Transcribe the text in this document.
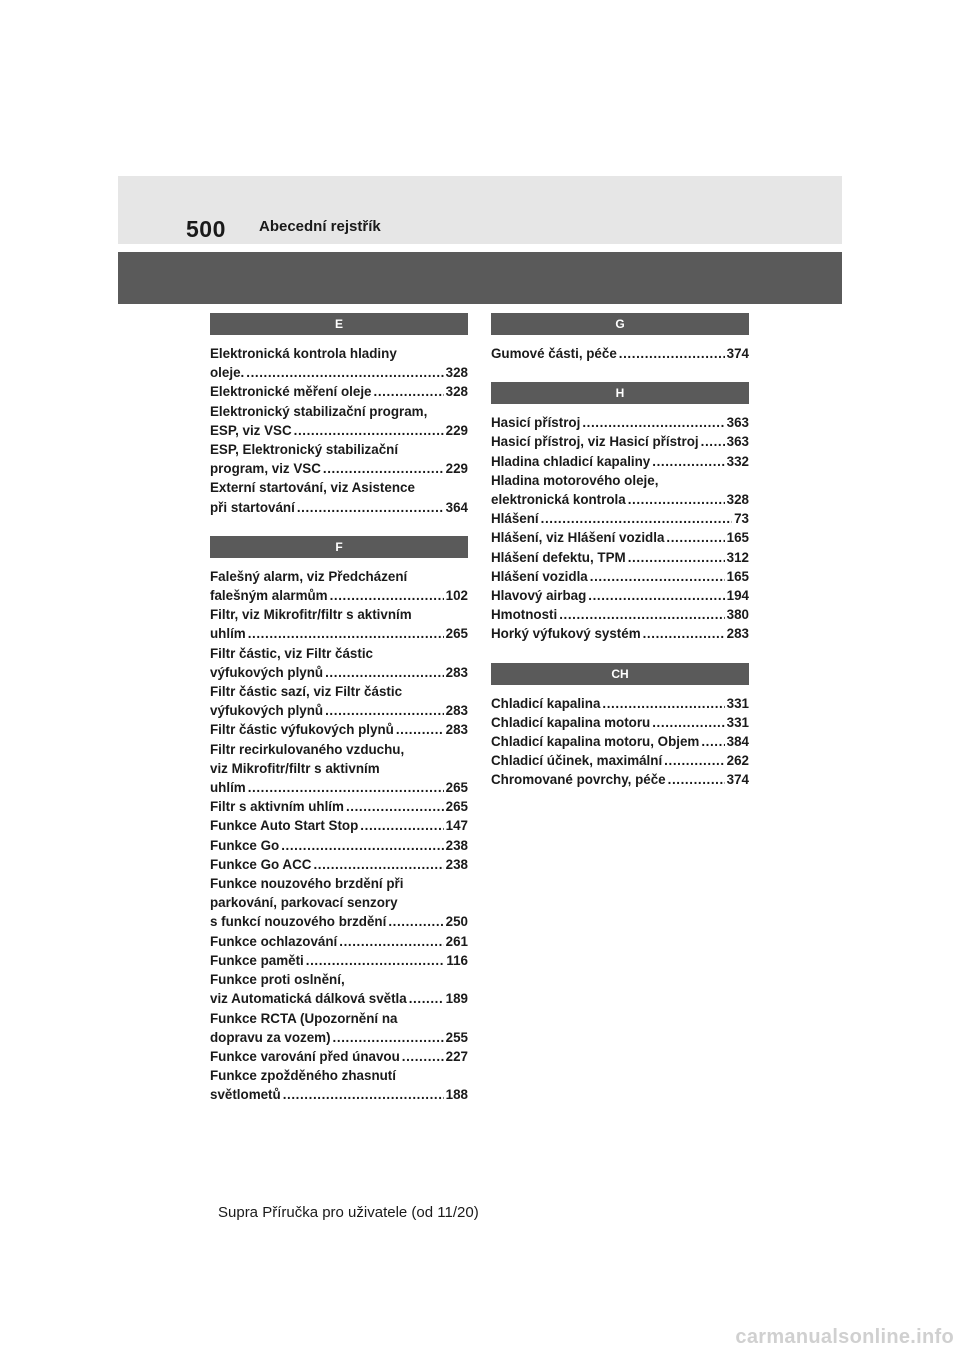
500 Abecední rejstřík
E
Elektronická kontrola hladiny
oleje. .....	328
Elektronické měření oleje .....	328
Elektronický stabilizační program,
ESP, viz VSC .....	229
ESP, Elektronický stabilizační
program, viz VSC .....	229
Externí startování, viz Asistence
při startování .....	364
F
Falešný alarm, viz Předcházení
falešným alarmům .....	102
Filtr, viz Mikrofitr/filtr s aktivním
uhlím .....	265
Filtr částic, viz Filtr částic
výfukových plynů .....	283
Filtr částic sazí, viz Filtr částic
výfukových plynů .....	283
Filtr částic výfukových plynů .....	283
Filtr recirkulovaného vzduchu,
viz Mikrofitr/filtr s aktivním
uhlím .....	265
Filtr s aktivním uhlím .....	265
Funkce Auto Start Stop .....	147
Funkce Go .....	238
Funkce Go ACC .....	238
Funkce nouzového brzdění při
parkování, parkovací senzory
s funkcí nouzového brzdění .....	250
Funkce ochlazování .....	261
Funkce paměti .....	116
Funkce proti oslnění,
viz Automatická dálková světla .....	189
Funkce RCTA (Upozornění na
dopravu za vozem) .....	255
Funkce varování před únavou .....	227
Funkce zpožděného zhasnutí
světlometů .....	188
G
Gumové části, péče .....	374
H
Hasicí přístroj .....	363
Hasicí přístroj, viz Hasicí přístroj ..... 363
Hladina chladicí kapaliny .....	332
Hladina motorového oleje,
elektronická kontrola .....	328
Hlášení .....	73
Hlášení, viz Hlášení vozidla .....	165
Hlášení defektu, TPM .....	312
Hlášení vozidla .....	165
Hlavový airbag .....	194
Hmotnosti .....	380
Horký výfukový systém .....	283
CH
Chladicí kapalina .....	331
Chladicí kapalina motoru .....	331
Chladicí kapalina motoru, Objem ..... 384
Chladicí účinek, maximální .....	262
Chromované povrchy, péče .....	374
Supra Příručka pro uživatele (od 11/20)
carmanualsonline.info
